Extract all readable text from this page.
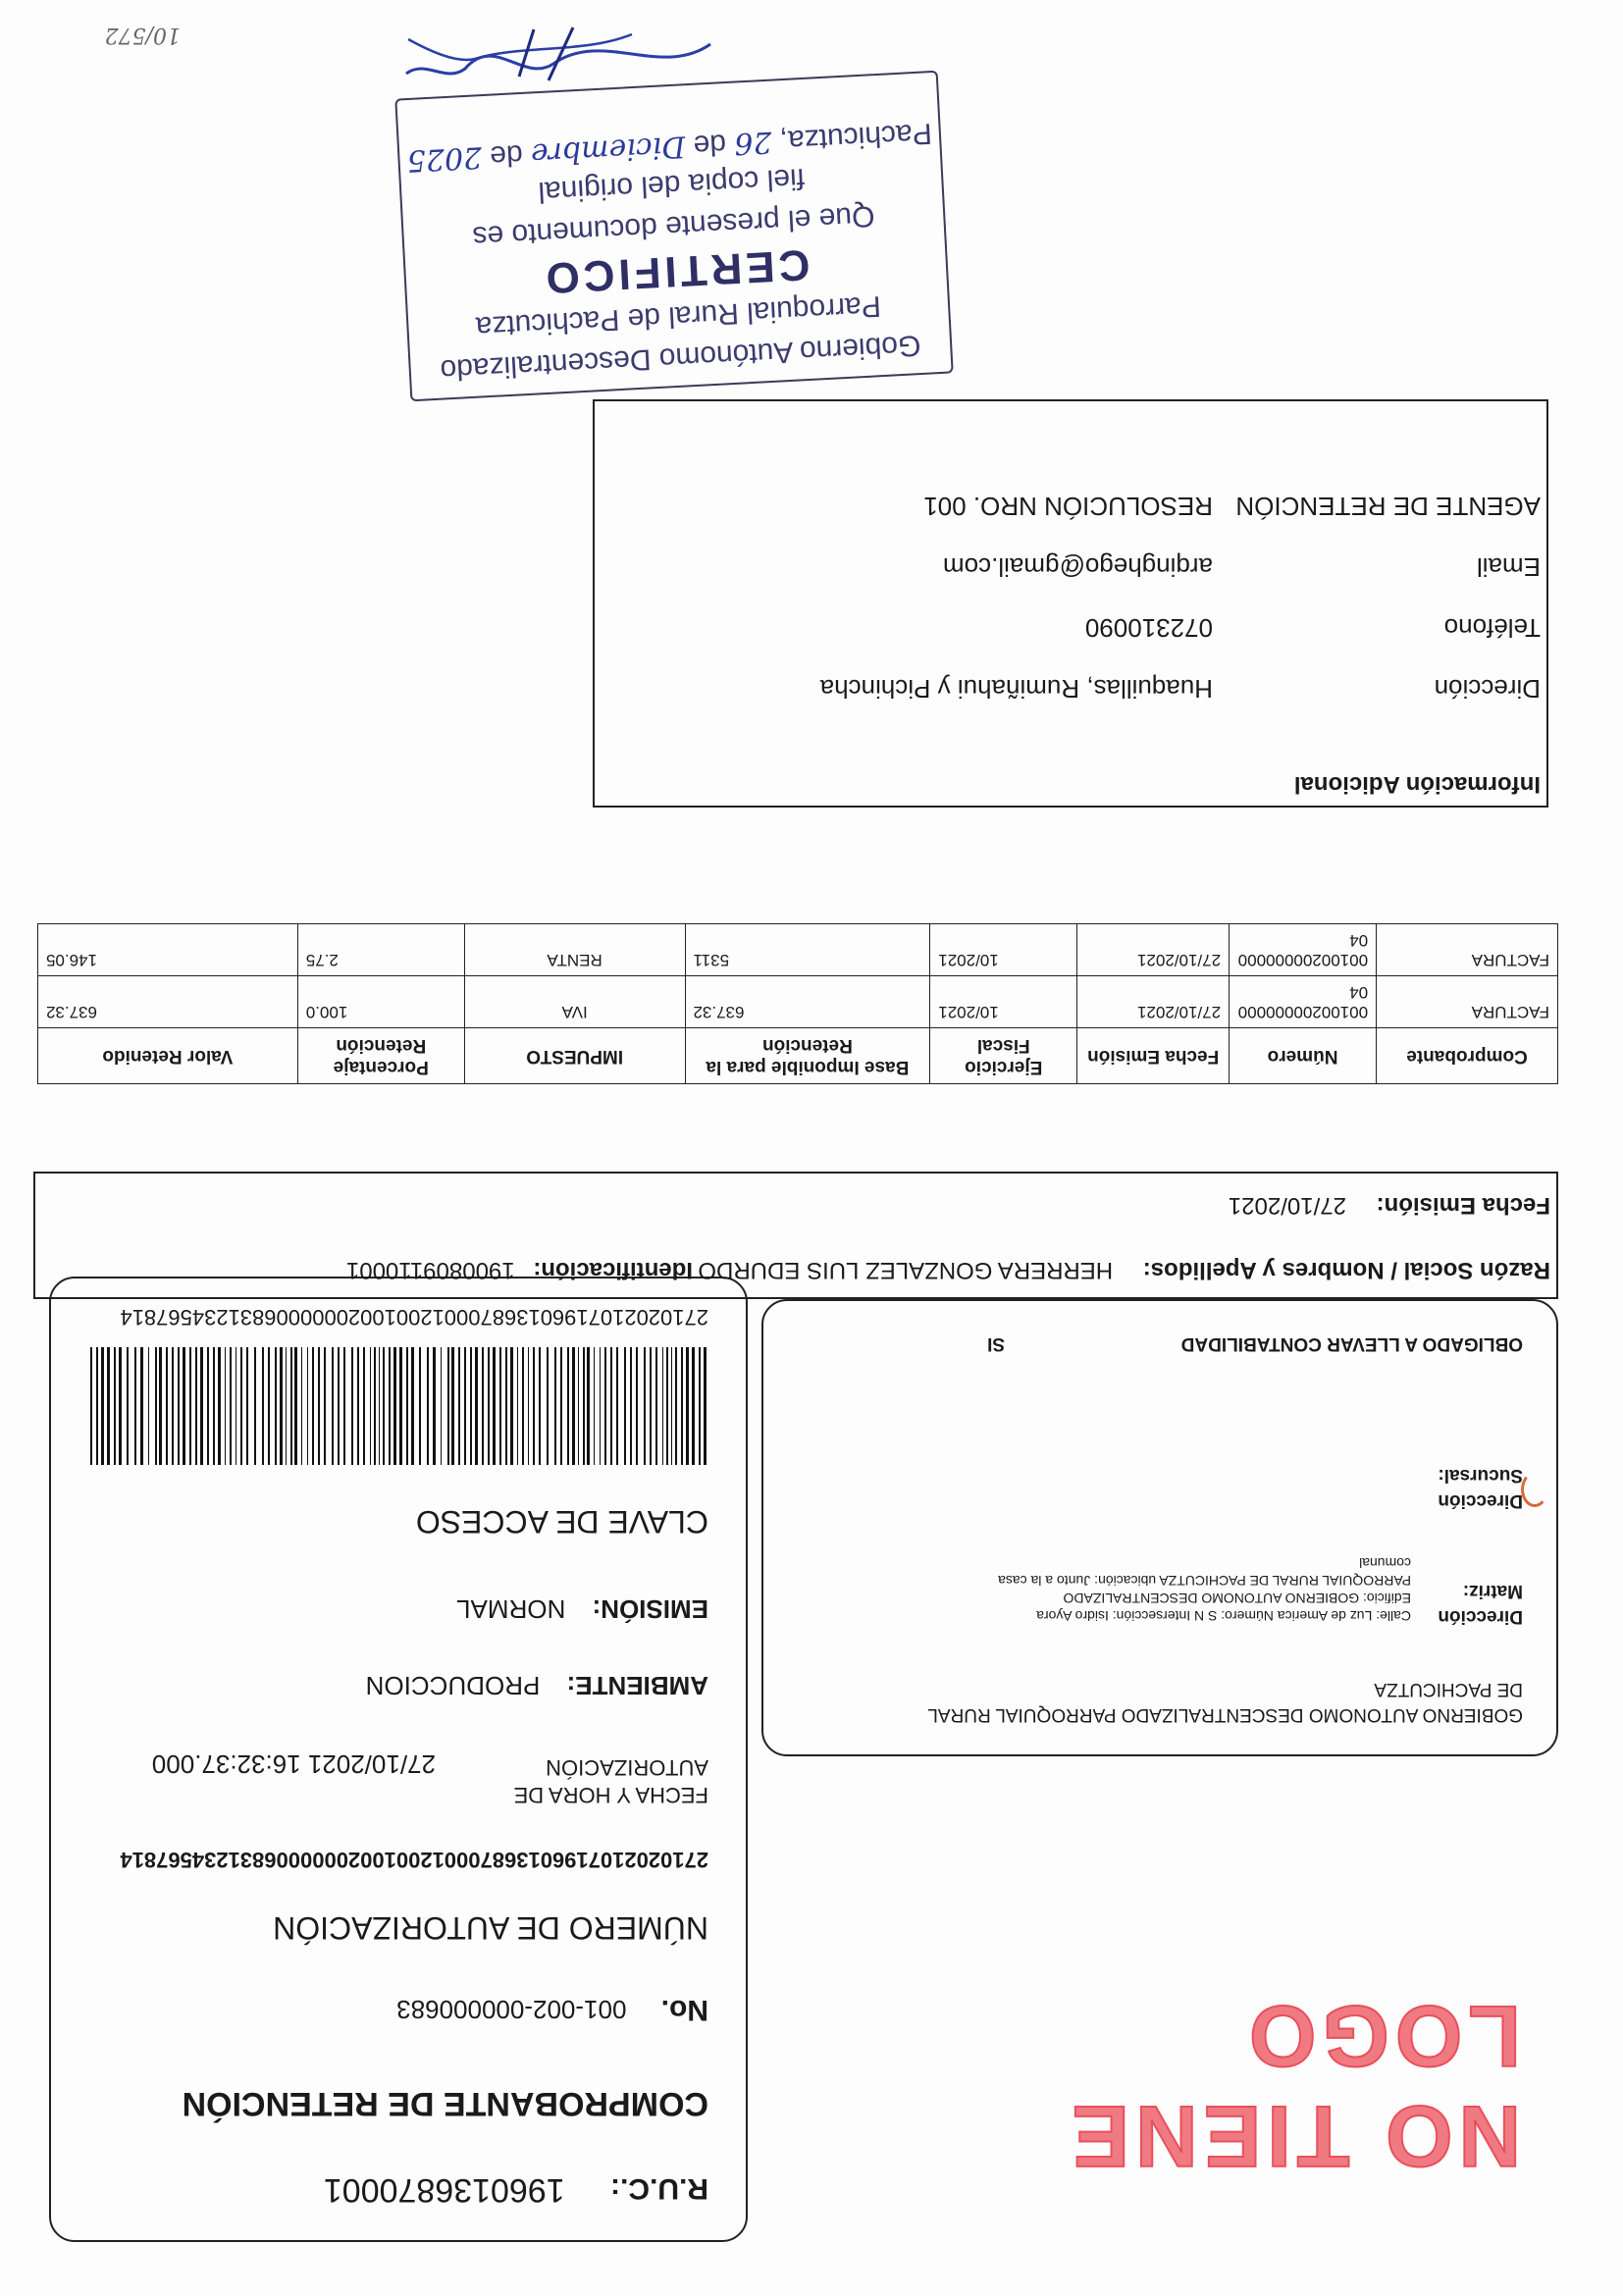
NO TIENE LOGO
R.U.C.: 1960136870001
COMPROBANTE DE RETENCIÓN
No. 001-002-000000683
NÚMERO DE AUTORIZACIÓN
2710202107196013687000120010020000006831234567814
FECHA Y HORA DE
AUTORIZACIÓN
27/10/2021 16:32:37.000
AMBIENTE: PRODUCCION
EMISIÓN: NORMAL
CLAVE DE ACCESO
2710202107196013687000120010020000006831234567814
GOBIERNO AUTONOMO DESCENTRALIZADO PARROQUIAL RURAL
DE PACHICUTZA
Dirección
Matriz:
Calle: Luz de America Número: S N Intersección: Isidro Ayora
Edificio: GOBIERNO AUTONOMO DESCENTRALIZADO
PARROQUIAL RURAL DE PACHICUTZA ubicación: Junto a la casa
comunal
Dirección
Sucursal:
OBLIGADO A LLEVAR CONTABILIDAD
SI
Razón Social / Nombres y Apellidos: HERRERA GONZALEZ LUIS EDURDO
Identificación: 1900809110001
Fecha Emisión: 27/10/2021
Comprobante	Número	Fecha Emisión	Ejercicio Fiscal	Base Imponible para la Retención	IMPUESTO	Porcentaje Retención	Valor Retenido
FACTURA	00100200000000 04	27/10/2021	10/2021	637.32	IVA	100.0	637.32
FACTURA	00100200000000 04	27/10/2021	10/2021	5311	RENTA	2.75	146.05
Información Adicional
Dirección
Huaquillas, Rumiñahui y Pichincha
Teléfono
072310090
Email
arqinghego@gmail.com
AGENTE DE RETENCIÓN
RESOLUCIÓN NRO. 001
Gobierno Autónomo Descentralizado
Parroquial Rural de Pachicutza
CERTIFICO
Que el presente documento es
fiel copia del original
Pachicutza, 26 de Diciembre de 2025
10/572
